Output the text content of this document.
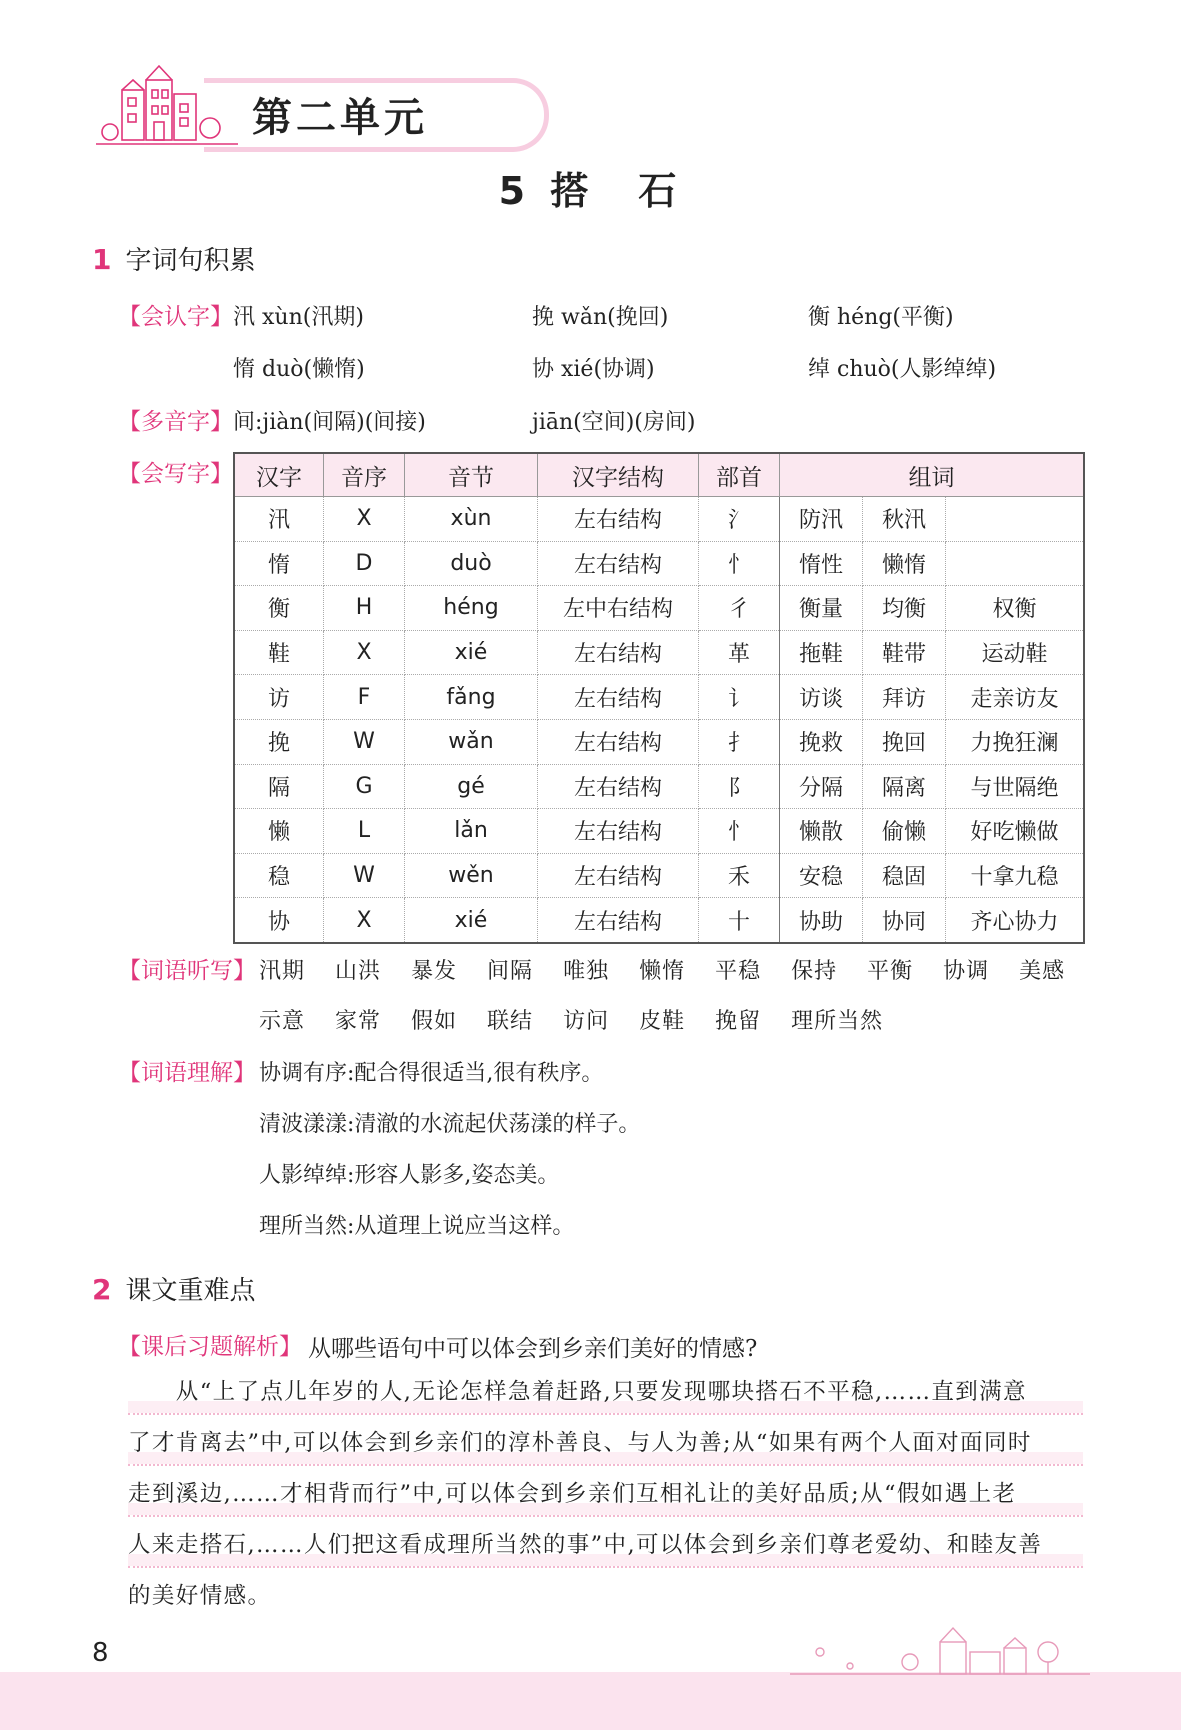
第二单元
5 搭　石
1 字词句积累
【会认字】 汛 xùn(汛期)	挽 wǎn(挽回)	衡 héng(平衡)
惰 duò(懒惰)	协 xié(协调)	绰 chuò(人影绰绰)
【多音字】 间:jiàn(间隔)(间接)	jiān(空间)(房间)
【会写字】 汉字	音序	音节	汉字结构	部首	组词		
汛	X	xùn	左右结构	氵	防汛	秋汛	
惰	D	duò	左右结构	忄	惰性	懒惰	
衡	H	héng	左中右结构	彳	衡量	均衡	权衡
鞋	X	xié	左右结构	革	拖鞋	鞋带	运动鞋
访	F	fǎng	左右结构	讠	访谈	拜访	走亲访友
挽	W	wǎn	左右结构	扌	挽救	挽回	力挽狂澜
隔	G	gé	左右结构	阝	分隔	隔离	与世隔绝
懒	L	lǎn	左右结构	忄	懒散	偷懒	好吃懒做
稳	W	wěn	左右结构	禾	安稳	稳固	十拿九稳
协	X	xié	左右结构	十	协助	协同	齐心协力
【词语听写】 汛期 山洪 暴发 间隔 唯独 懒惰 平稳 保持 平衡 协调 美感
示意 家常 假如 联结 访问 皮鞋 挽留 理所当然
【词语理解】 协调有序:配合得很适当,很有秩序。
清波漾漾:清澈的水流起伏荡漾的样子。
人影绰绰:形容人影多,姿态美。
理所当然:从道理上说应当这样。
2 课文重难点
【课后习题解析】 从哪些语句中可以体会到乡亲们美好的情感?
　　从“上了点儿年岁的人,无论怎样急着赶路,只要发现哪块搭石不平稳,……直到满意
了才肯离去”中,可以体会到乡亲们的淳朴善良、与人为善;从“如果有两个人面对面同时
走到溪边,……才相背而行”中,可以体会到乡亲们互相礼让的美好品质;从“假如遇上老
人来走搭石,……人们把这看成理所当然的事”中,可以体会到乡亲们尊老爱幼、和睦友善
的美好情感。
8
